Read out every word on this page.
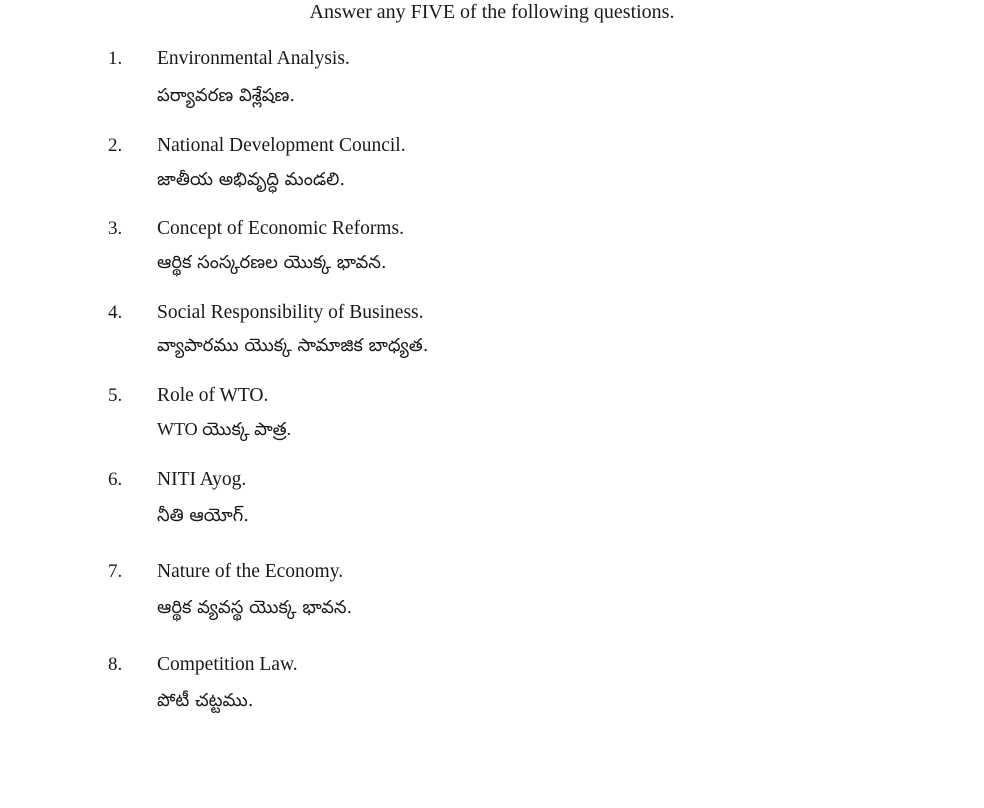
Answer any FIVE of the following questions.
1. Environmental Analysis.
పర్యావరణ విశ్లేషణ.
2. National Development Council.
జాతీయ అభివృద్ధి మండలి.
3. Concept of Economic Reforms.
ఆర్థిక సంస్కరణల యొక్క భావన.
4. Social Responsibility of Business.
వ్యాపారము యొక్క సామాజిక బాధ్యత.
5. Role of WTO.
WTO యొక్క పాత్ర.
6. NITI Ayog.
నీతి ఆయోగ్.
7. Nature of the Economy.
ఆర్థిక వ్యవస్థ యొక్క భావన.
8. Competition Law.
పోటీ చట్టము.
